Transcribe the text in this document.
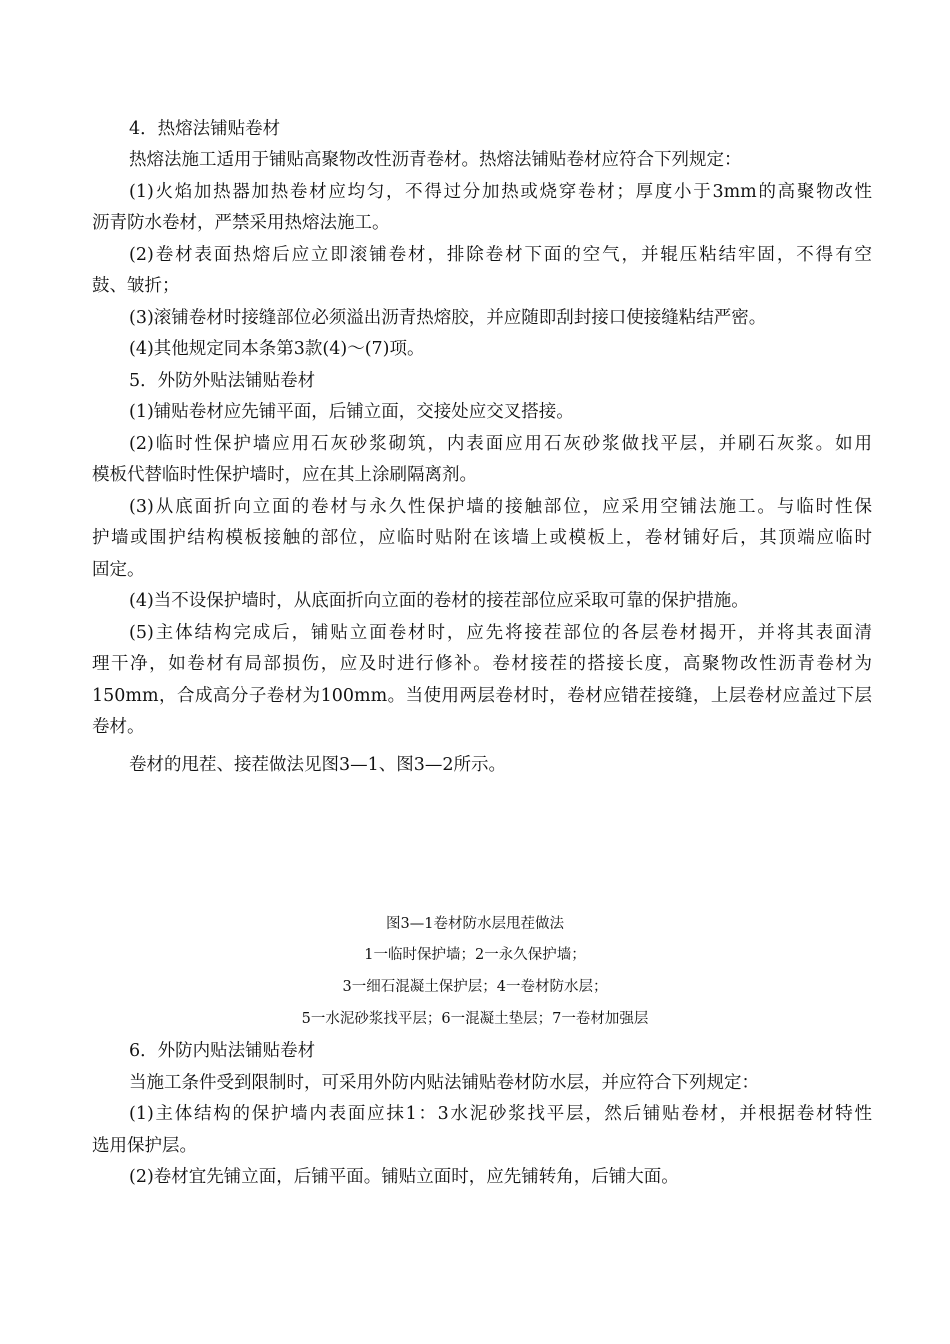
4．热熔法铺贴卷材
热熔法施工适用于铺贴高聚物改性沥青卷材。热熔法铺贴卷材应符合下列规定：
(1)火焰加热器加热卷材应均匀，不得过分加热或烧穿卷材；厚度小于3mm的高聚物改性
沥青防水卷材，严禁采用热熔法施工。
(2)卷材表面热熔后应立即滚铺卷材，排除卷材下面的空气，并辊压粘结牢固，不得有空
鼓、皱折；
(3)滚铺卷材时接缝部位必须溢出沥青热熔胶，并应随即刮封接口使接缝粘结严密。
(4)其他规定同本条第3款(4)～(7)项。
5．外防外贴法铺贴卷材
(1)铺贴卷材应先铺平面，后铺立面，交接处应交叉搭接。
(2)临时性保护墙应用石灰砂浆砌筑，内表面应用石灰砂浆做找平层，并刷石灰浆。如用
模板代替临时性保护墙时，应在其上涂刷隔离剂。
(3)从底面折向立面的卷材与永久性保护墙的接触部位，应采用空铺法施工。与临时性保
护墙或围护结构模板接触的部位，应临时贴附在该墙上或模板上，卷材铺好后，其顶端应临时
固定。
(4)当不设保护墙时，从底面折向立面的卷材的接茬部位应采取可靠的保护措施。
(5)主体结构完成后，铺贴立面卷材时，应先将接茬部位的各层卷材揭开，并将其表面清
理干净，如卷材有局部损伤，应及时进行修补。卷材接茬的搭接长度，高聚物改性沥青卷材为
150mm，合成高分子卷材为100mm。当使用两层卷材时，卷材应错茬接缝，上层卷材应盖过下层
卷材。
卷材的甩茬、接茬做法见图3—1、图3—2所示。
图3—1卷材防水层甩茬做法
1一临时保护墙；2一永久保护墙；
3一细石混凝土保护层；4一卷材防水层；
5一水泥砂浆找平层；6一混凝土垫层；7一卷材加强层
6．外防内贴法铺贴卷材
当施工条件受到限制时，可采用外防内贴法铺贴卷材防水层，并应符合下列规定：
(1)主体结构的保护墙内表面应抹1：3水泥砂浆找平层，然后铺贴卷材，并根据卷材特性
选用保护层。
(2)卷材宜先铺立面，后铺平面。铺贴立面时，应先铺转角，后铺大面。
